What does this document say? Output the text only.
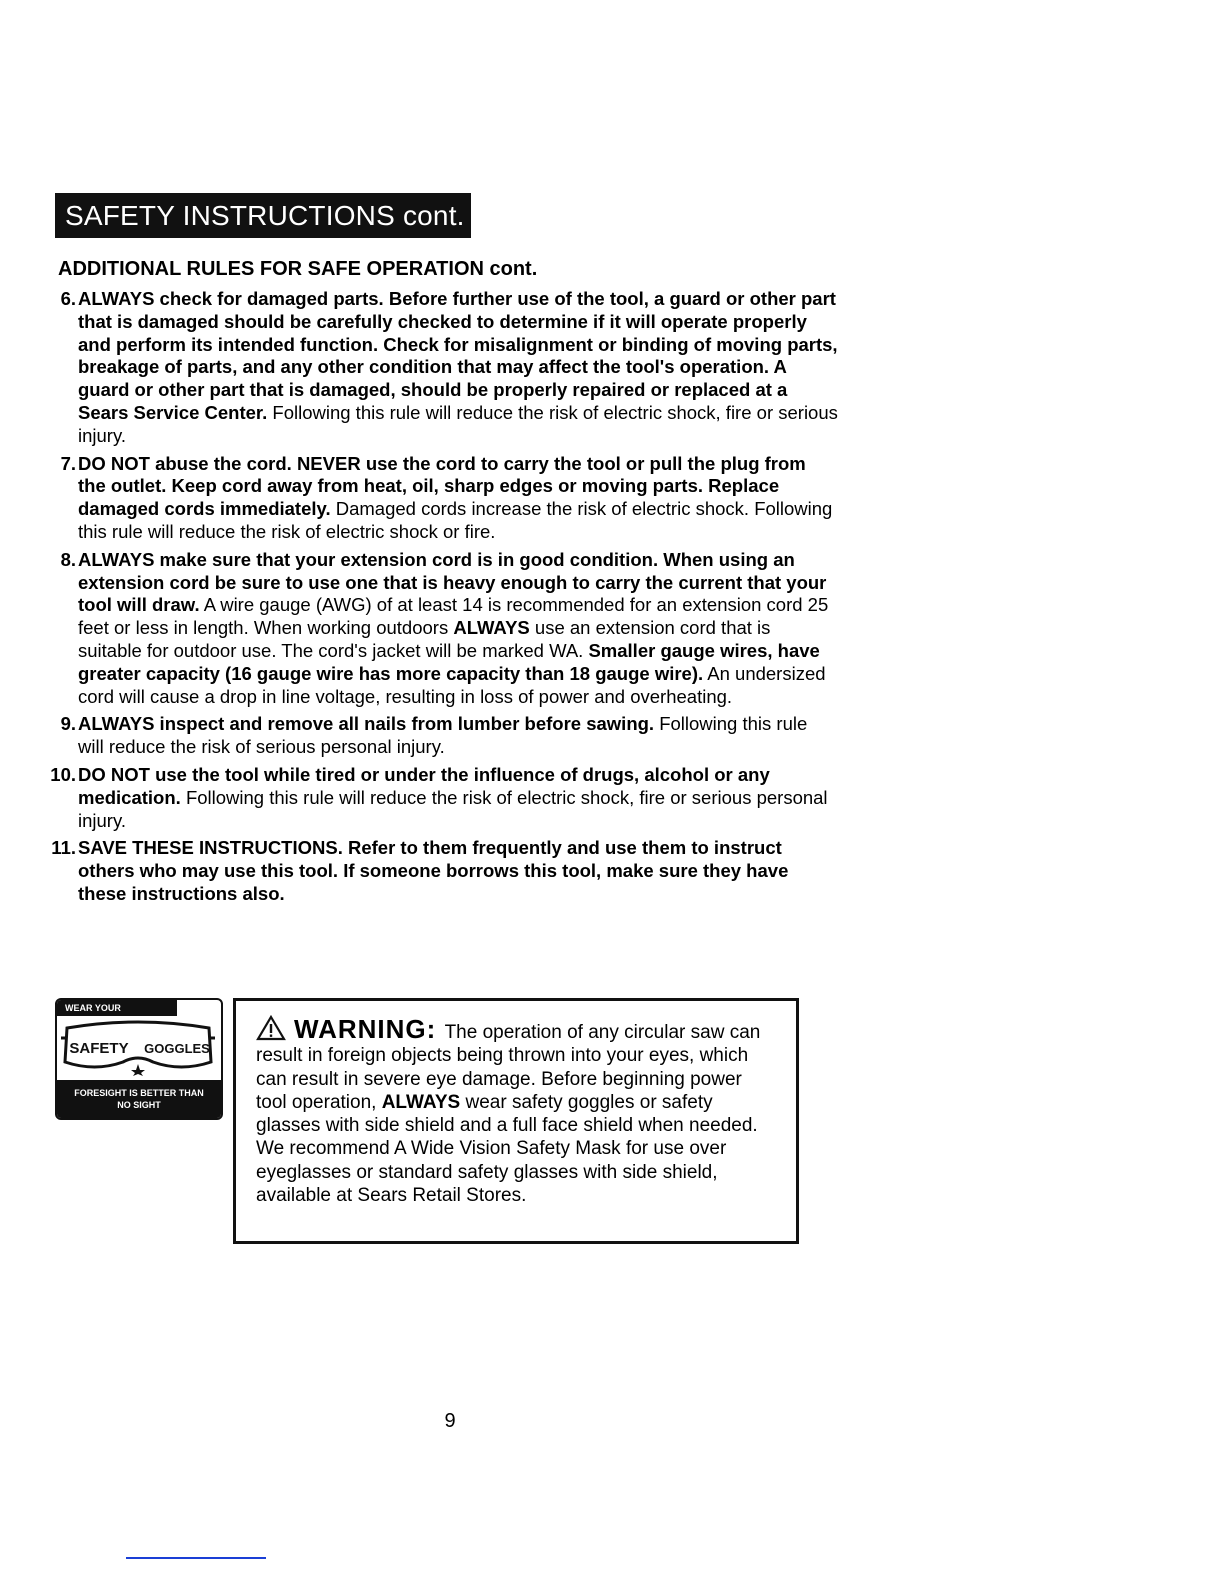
SAFETY INSTRUCTIONS cont.
ADDITIONAL RULES FOR SAFE OPERATION cont.
6. ALWAYS check for damaged parts. Before further use of the tool, a guard or other part that is damaged should be carefully checked to determine if it will operate properly and perform its intended function. Check for misalignment or binding of moving parts, breakage of parts, and any other condition that may affect the tool's operation. A guard or other part that is damaged, should be properly repaired or replaced at a Sears Service Center. Following this rule will reduce the risk of electric shock, fire or serious injury.
7. DO NOT abuse the cord. NEVER use the cord to carry the tool or pull the plug from the outlet. Keep cord away from heat, oil, sharp edges or moving parts. Replace damaged cords immediately. Damaged cords increase the risk of electric shock. Following this rule will reduce the risk of electric shock or fire.
8. ALWAYS make sure that your extension cord is in good condition. When using an extension cord be sure to use one that is heavy enough to carry the current that your tool will draw. A wire gauge (AWG) of at least 14 is recommended for an extension cord 25 feet or less in length. When working outdoors ALWAYS use an extension cord that is suitable for outdoor use. The cord's jacket will be marked WA. Smaller gauge wires, have greater capacity (16 gauge wire has more capacity than 18 gauge wire). An undersized cord will cause a drop in line voltage, resulting in loss of power and overheating.
9. ALWAYS inspect and remove all nails from lumber before sawing. Following this rule will reduce the risk of serious personal injury.
10. DO NOT use the tool while tired or under the influence of drugs, alcohol or any medication. Following this rule will reduce the risk of electric shock, fire or serious personal injury.
11. SAVE THESE INSTRUCTIONS. Refer to them frequently and use them to instruct others who may use this tool. If someone borrows this tool, make sure they have these instructions also.
WEAR YOUR
SAFETY GOGGLES
FORESIGHT IS BETTER THAN
NO SIGHT
WARNING: The operation of any circular saw can result in foreign objects being thrown into your eyes, which can result in severe eye damage. Before beginning power tool operation, ALWAYS wear safety goggles or safety glasses with side shield and a full face shield when needed. We recommend A Wide Vision Safety Mask for use over eyeglasses or standard safety glasses with side shield, available at Sears Retail Stores.
9
